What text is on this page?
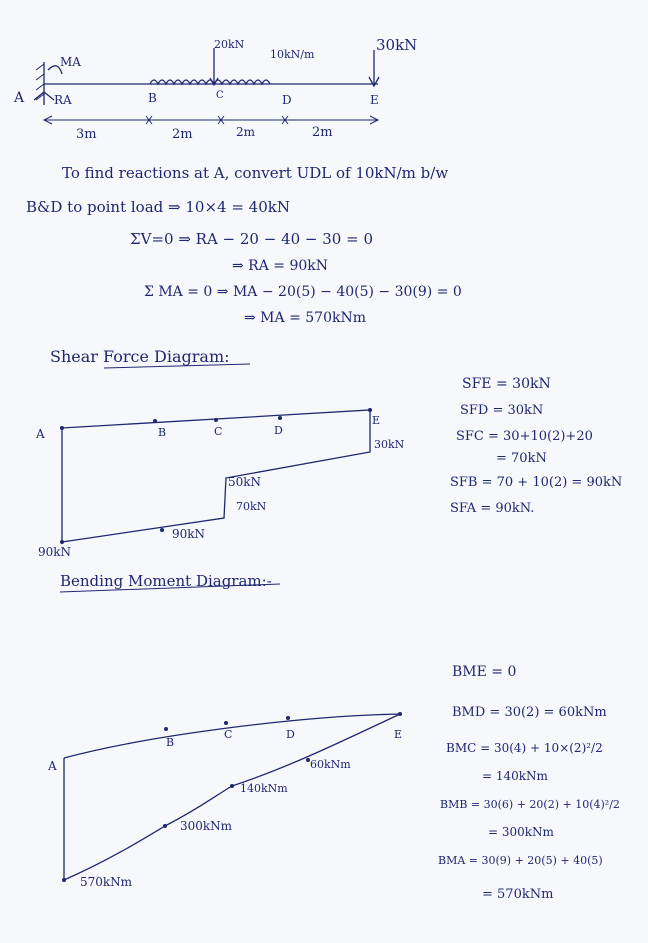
MA
A RA
20kN
10kN/m
30kN
B	C	D	E
3m	2m	2m	2m
To find reactions at A, convert UDL of 10kN/m b/w
B&D to point load ⇒ 10×4 = 40kN
ΣV=0 ⇒ RA − 20 − 40 − 30 = 0
⇒ RA = 90kN
Σ MA = 0 ⇒ MA − 20(5) − 40(5) − 30(9) = 0
⇒ MA = 570kNm
Shear Force Diagram:
A	B	C	D
E
30kN
50kN
70kN
90kN
90kN
SFE = 30kN
SFD = 30kN
SFC = 30+10(2)+20
= 70kN
SFB = 70 + 10(2) = 90kN
SFA = 90kN.
Bending Moment Diagram:-
A
B
C	D	E
60kNm
140kNm
300kNm
570kNm
BME = 0
BMD = 30(2) = 60kNm
BMC = 30(4) + 10×(2)²/2
= 140kNm
BMB = 30(6) + 20(2) + 10(4)²/2
= 300kNm
BMA = 30(9) + 20(5) + 40(5)
= 570kNm
